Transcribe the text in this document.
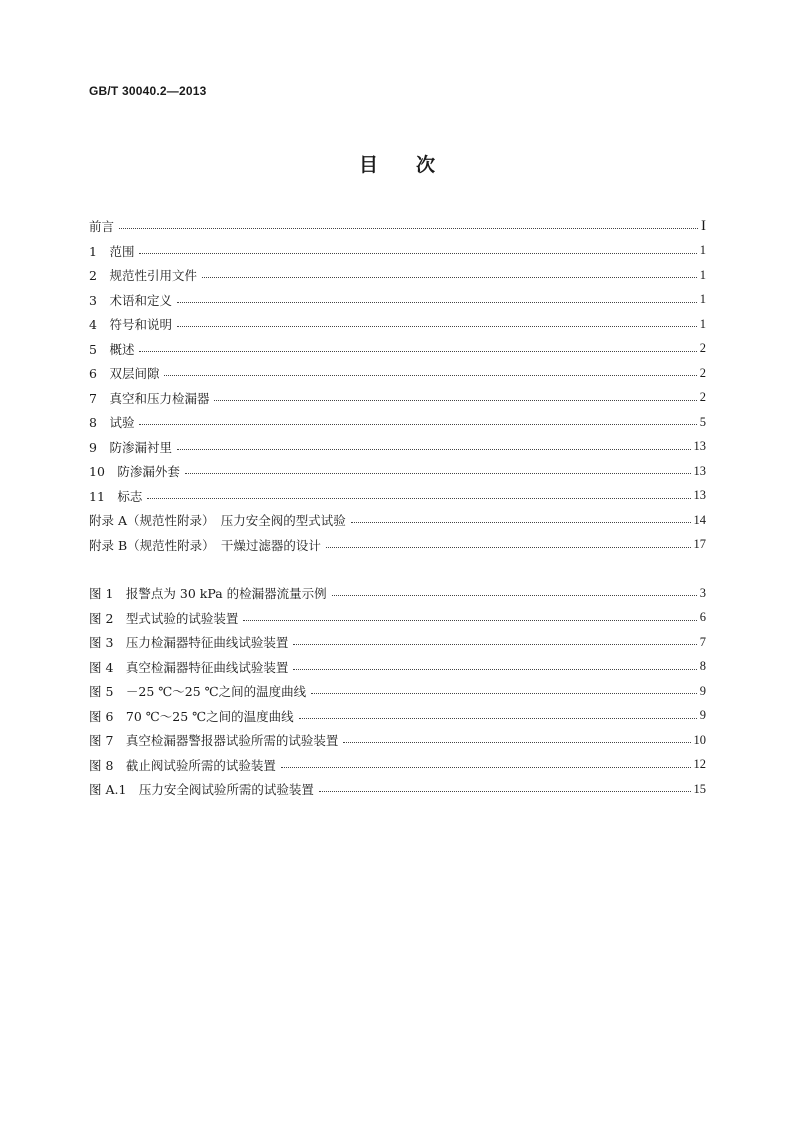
GB/T 30040.2—2013
目次
前言	I
1　范围	1
2　规范性引用文件	1
3　术语和定义	1
4　符号和说明	1
5　概述	2
6　双层间隙	2
7　真空和压力检漏器	2
8　试验	5
9　防渗漏衬里	13
10　防渗漏外套	13
11　标志	13
附录 A（规范性附录）　压力安全阀的型式试验	14
附录 B（规范性附录）　干燥过滤器的设计	17
图 1　报警点为 30 kPa 的检漏器流量示例	3
图 2　型式试验的试验装置	6
图 3　压力检漏器特征曲线试验装置	7
图 4　真空检漏器特征曲线试验装置	8
图 5　－25 ℃～25 ℃之间的温度曲线	9
图 6　70 ℃～25 ℃之间的温度曲线	9
图 7　真空检漏器警报器试验所需的试验装置	10
图 8　截止阀试验所需的试验装置	12
图 A.1　压力安全阀试验所需的试验装置	15
